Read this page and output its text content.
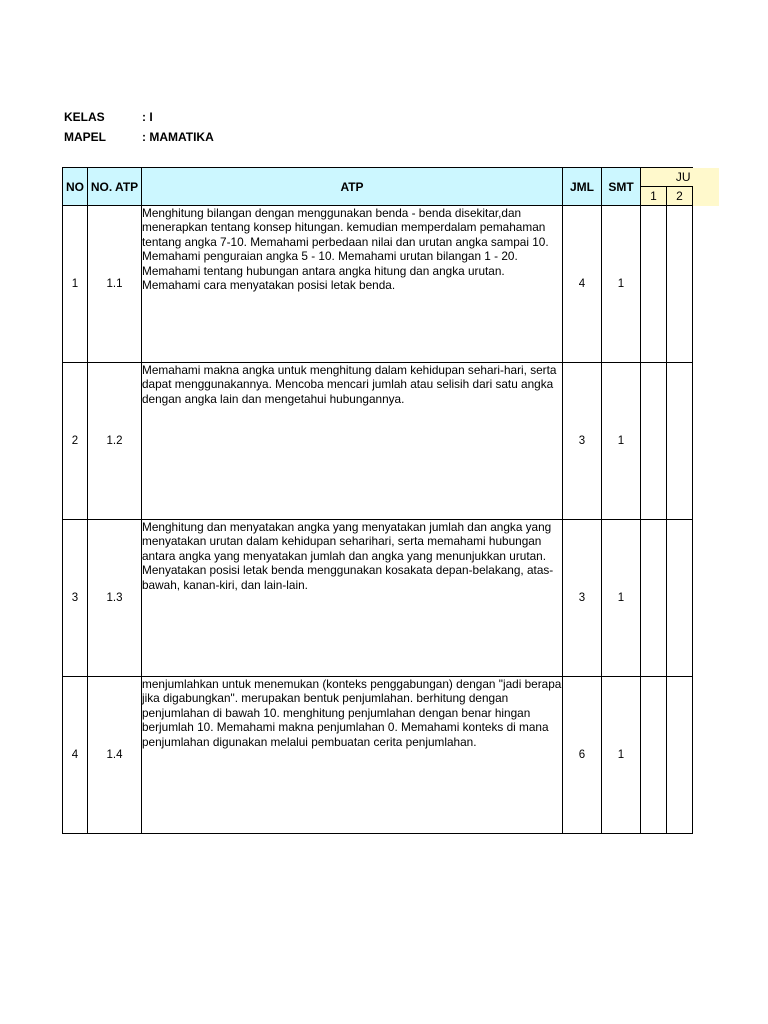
KELAS	: I
MAPEL	: MAMATIKA
NO	NO. ATP	ATP	JML	SMT	JU		
					1	2	
1	1.1	Menghitung bilangan dengan menggunakan benda - benda disekitar,dan menerapkan tentang konsep hitungan. kemudian memperdalam pemahaman tentang angka 7-10. Memahami perbedaan nilai dan urutan angka sampai 10. Memahami penguraian angka 5 - 10. Memahami urutan bilangan 1 - 20. Memahami tentang hubungan antara angka hitung dan angka urutan. Memahami cara menyatakan posisi letak benda.	4	1			
2	1.2	Memahami makna angka untuk menghitung dalam kehidupan sehari-hari, serta dapat menggunakannya. Mencoba mencari jumlah atau selisih dari satu angka dengan angka lain dan mengetahui hubungannya.	3	1			
3	1.3	Menghitung dan menyatakan angka yang menyatakan jumlah dan angka yang menyatakan urutan dalam kehidupan seharihari, serta memahami hubungan antara angka yang menyatakan jumlah dan angka yang menunjukkan urutan. Menyatakan posisi letak benda menggunakan kosakata depan-belakang, atas-bawah, kanan-kiri, dan lain-lain.	3	1			
4	1.4	menjumlahkan untuk menemukan (konteks penggabungan) dengan "jadi berapa jika digabungkan". merupakan bentuk penjumlahan. berhitung dengan penjumlahan di bawah 10. menghitung penjumlahan dengan benar hingan berjumlah 10. Memahami makna penjumlahan 0. Memahami konteks di mana penjumlahan digunakan melalui pembuatan cerita penjumlahan.	6	1			
